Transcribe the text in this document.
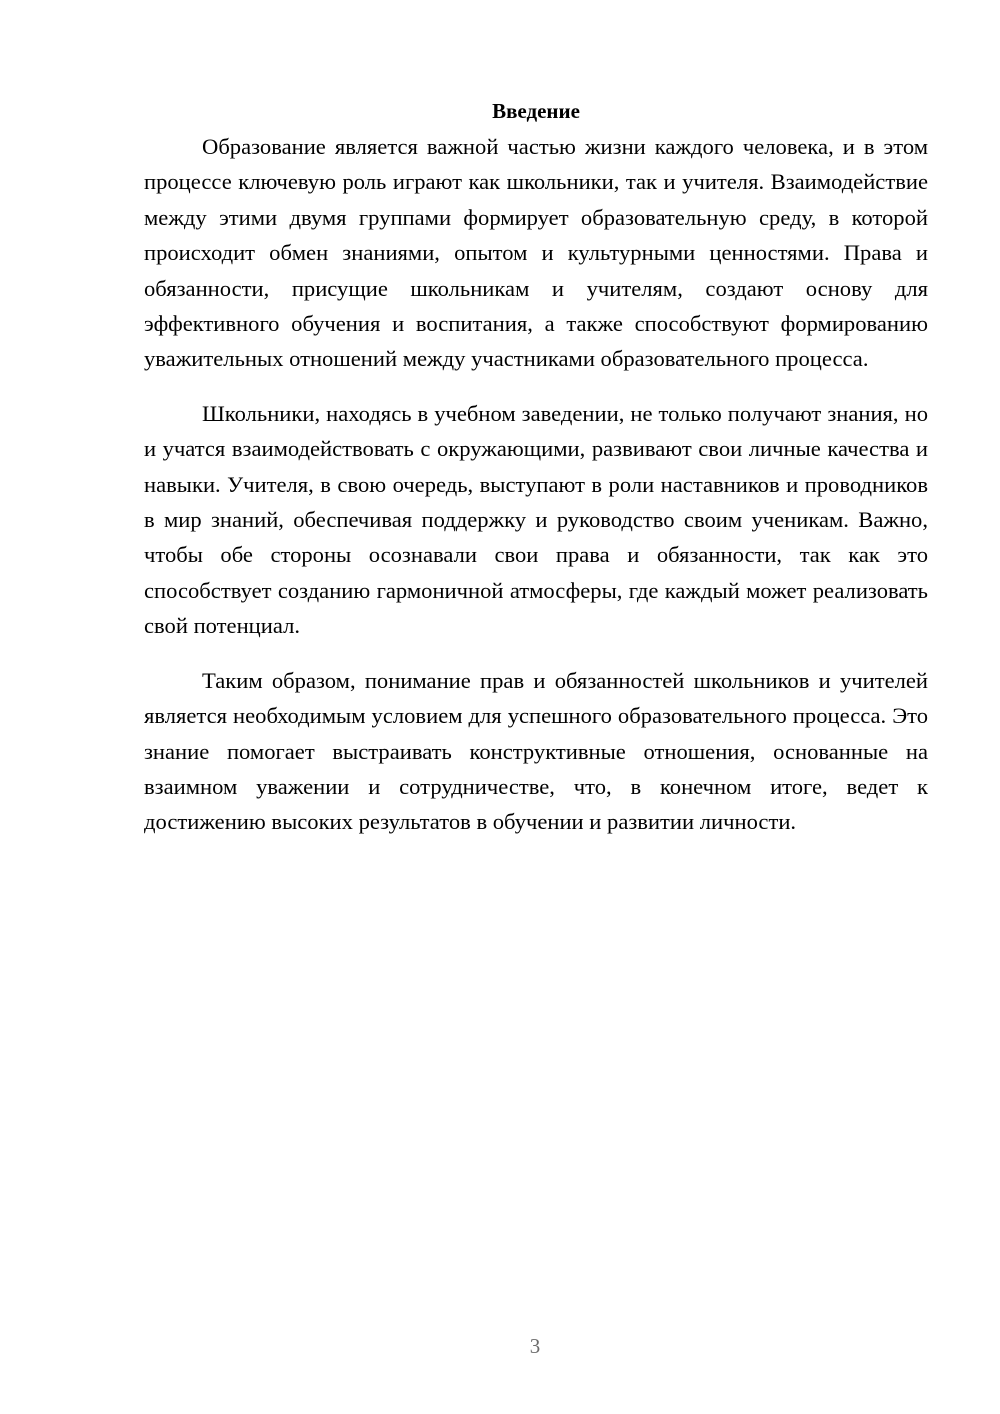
Введение

Образование является важной частью жизни каждого человека, и в этом процессе ключевую роль играют как школьники, так и учителя. Взаимодействие между этими двумя группами формирует образовательную среду, в которой происходит обмен знаниями, опытом и культурными ценностями. Права и обязанности, присущие школьникам и учителям, создают основу для эффективного обучения и воспитания, а также способствуют формированию уважительных отношений между участниками образовательного процесса.

Школьники, находясь в учебном заведении, не только получают знания, но и учатся взаимодействовать с окружающими, развивают свои личные качества и навыки. Учителя, в свою очередь, выступают в роли наставников и проводников в мир знаний, обеспечивая поддержку и руководство своим ученикам. Важно, чтобы обе стороны осознавали свои права и обязанности, так как это способствует созданию гармоничной атмосферы, где каждый может реализовать свой потенциал.

Таким образом, понимание прав и обязанностей школьников и учителей является необходимым условием для успешного образовательного процесса. Это знание помогает выстраивать конструктивные отношения, основанные на взаимном уважении и сотрудничестве, что, в конечном итоге, ведет к достижению высоких результатов в обучении и развитии личности.

3
